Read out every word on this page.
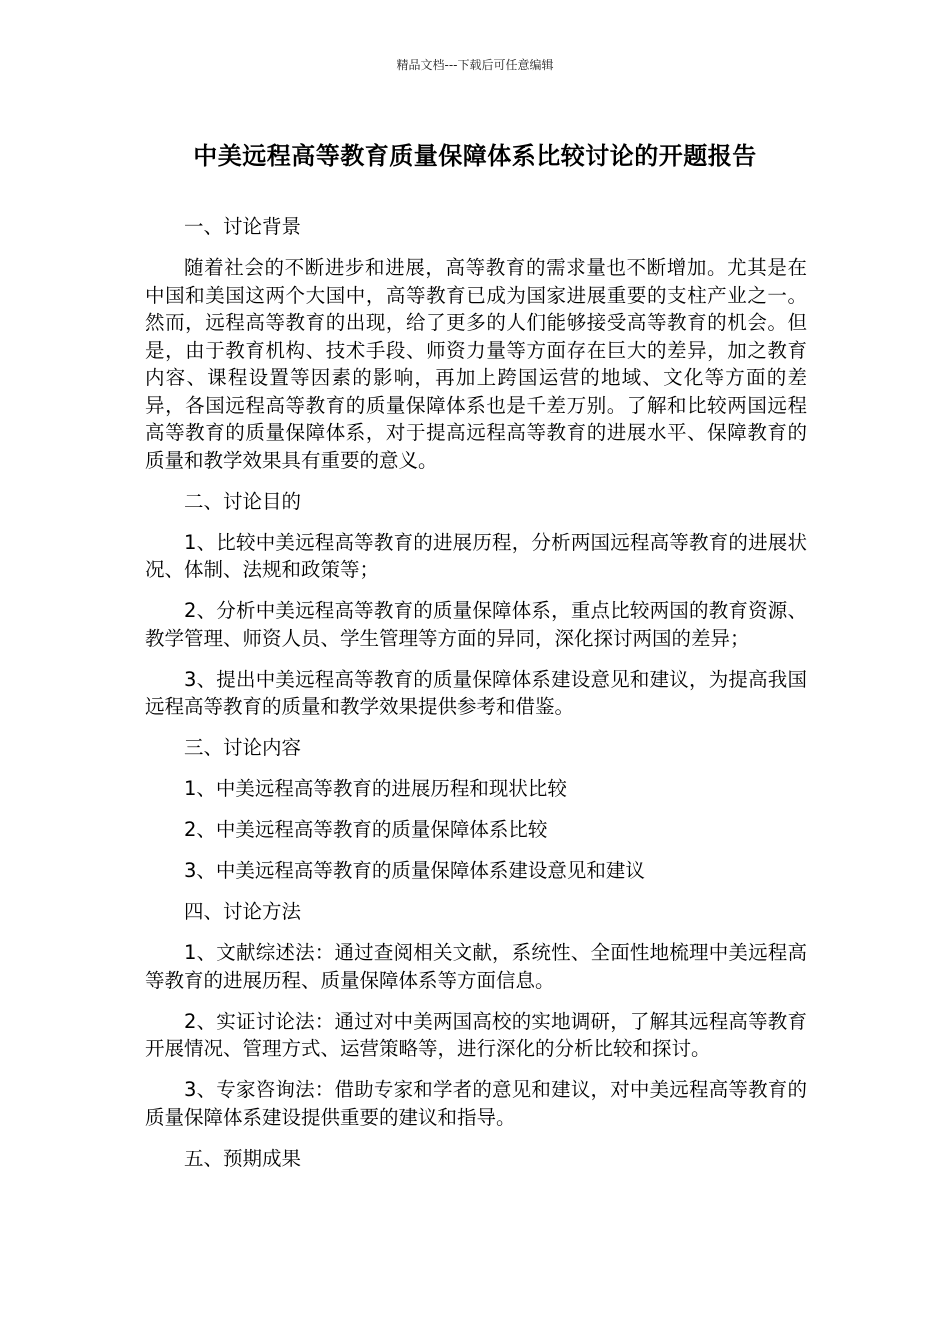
精品文档---下载后可任意编辑
中美远程高等教育质量保障体系比较讨论的开题报告

一、讨论背景

随着社会的不断进步和进展，高等教育的需求量也不断增加。尤其是在中国和美国这两个大国中，高等教育已成为国家进展重要的支柱产业之一。然而，远程高等教育的出现，给了更多的人们能够接受高等教育的机会。但是，由于教育机构、技术手段、师资力量等方面存在巨大的差异，加之教育内容、课程设置等因素的影响，再加上跨国运营的地域、文化等方面的差异，各国远程高等教育的质量保障体系也是千差万别。了解和比较两国远程高等教育的质量保障体系，对于提高远程高等教育的进展水平、保障教育的质量和教学效果具有重要的意义。

二、讨论目的

1、比较中美远程高等教育的进展历程，分析两国远程高等教育的进展状况、体制、法规和政策等；

2、分析中美远程高等教育的质量保障体系，重点比较两国的教育资源、教学管理、师资人员、学生管理等方面的异同，深化探讨两国的差异；

3、提出中美远程高等教育的质量保障体系建设意见和建议，为提高我国远程高等教育的质量和教学效果提供参考和借鉴。

三、讨论内容

1、中美远程高等教育的进展历程和现状比较

2、中美远程高等教育的质量保障体系比较

3、中美远程高等教育的质量保障体系建设意见和建议

四、讨论方法

1、文献综述法：通过查阅相关文献，系统性、全面性地梳理中美远程高等教育的进展历程、质量保障体系等方面信息。

2、实证讨论法：通过对中美两国高校的实地调研，了解其远程高等教育开展情况、管理方式、运营策略等，进行深化的分析比较和探讨。

3、专家咨询法：借助专家和学者的意见和建议，对中美远程高等教育的质量保障体系建设提供重要的建议和指导。

五、预期成果
